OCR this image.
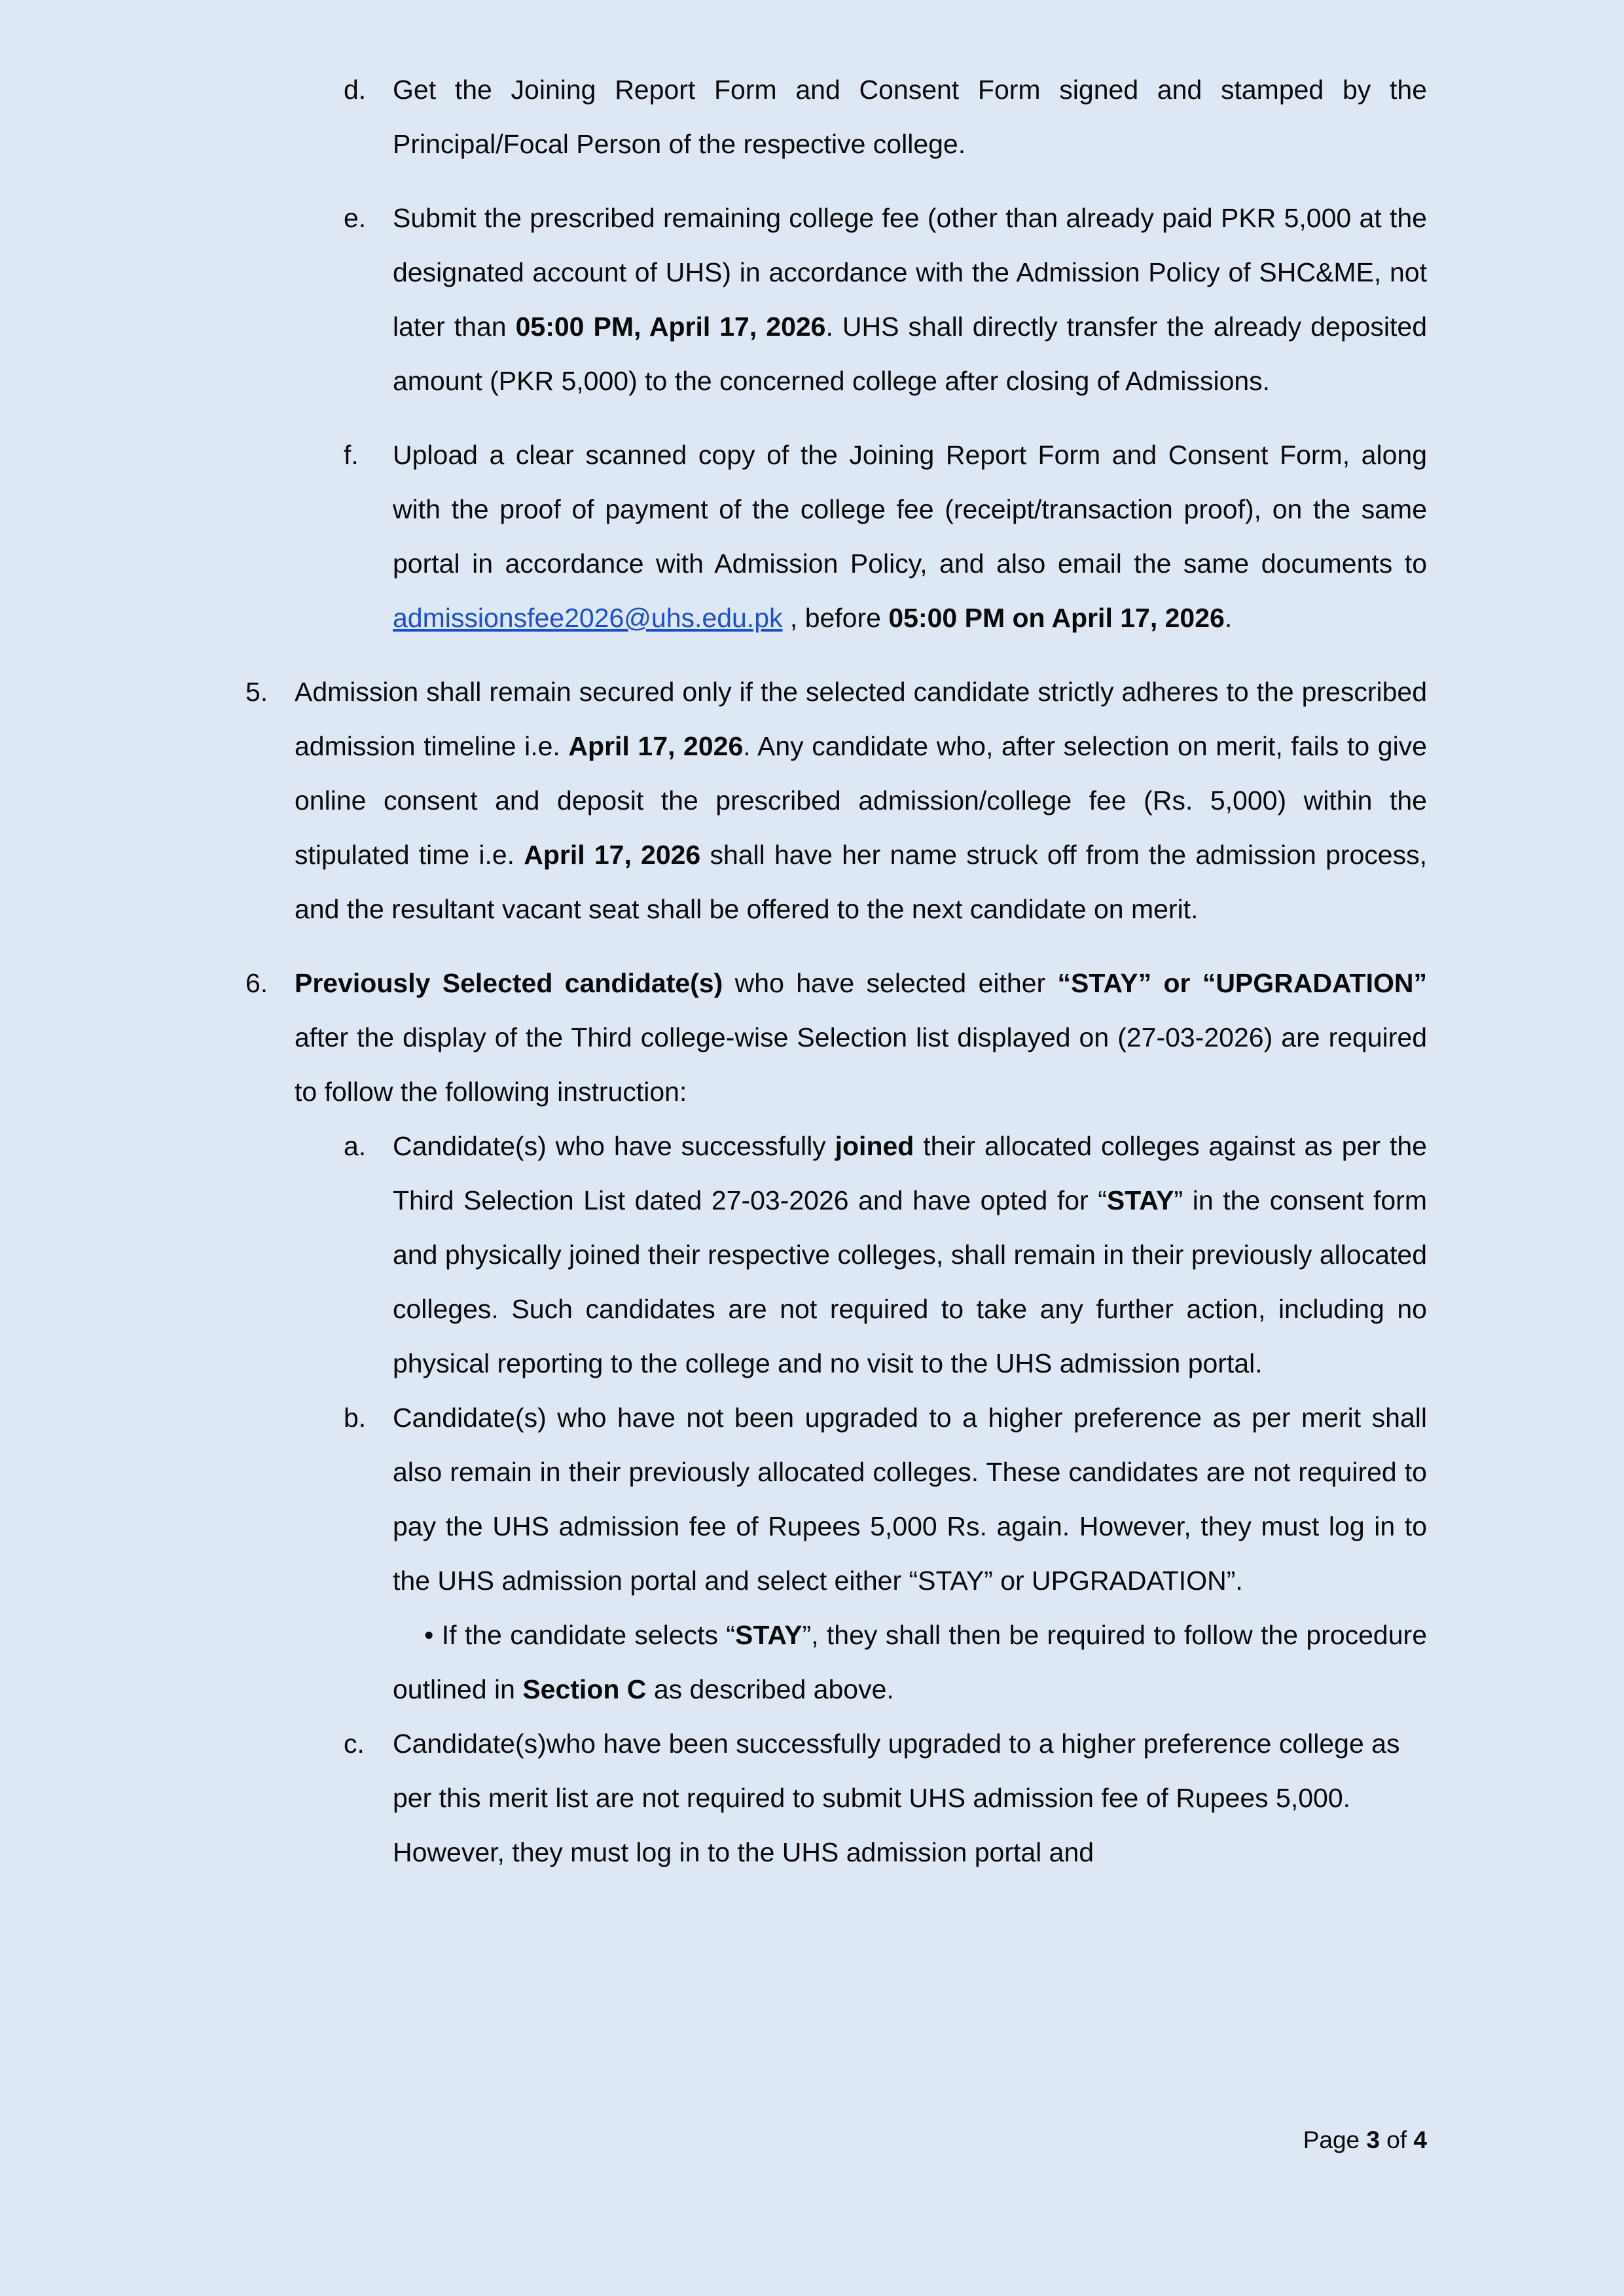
d. Get the Joining Report Form and Consent Form signed and stamped by the Principal/Focal Person of the respective college.
e. Submit the prescribed remaining college fee (other than already paid PKR 5,000 at the designated account of UHS) in accordance with the Admission Policy of SHC&ME, not later than 05:00 PM, April 17, 2026. UHS shall directly transfer the already deposited amount (PKR 5,000) to the concerned college after closing of Admissions.
f.	Upload a clear scanned copy of the Joining Report Form and Consent Form, along with the proof of payment of the college fee (receipt/transaction proof), on the same portal in accordance with Admission Policy, and also email the same documents to admissionsfee2026@uhs.edu.pk , before 05:00 PM on April 17, 2026.
5. Admission shall remain secured only if the selected candidate strictly adheres to the prescribed admission timeline i.e. April 17, 2026. Any candidate who, after selection on merit, fails to give online consent and deposit the prescribed admission/college fee (Rs. 5,000) within the stipulated time i.e. April 17, 2026 shall have her name struck off from the admission process, and the resultant vacant seat shall be offered to the next candidate on merit.
6. Previously Selected candidate(s) who have selected either “STAY” or “UPGRADATION” after the display of the Third college-wise Selection list displayed on (27-03-2026) are required to follow the following instruction:
a. Candidate(s) who have successfully joined their allocated colleges against as per the Third Selection List dated 27-03-2026 and have opted for “STAY” in the consent form and physically joined their respective colleges, shall remain in their previously allocated colleges. Such candidates are not required to take any further action, including no physical reporting to the college and no visit to the UHS admission portal.
b. Candidate(s) who have not been upgraded to a higher preference as per merit shall also remain in their previously allocated colleges. These candidates are not required to pay the UHS admission fee of Rupees 5,000 Rs. again. However, they must log in to the UHS admission portal and select either “STAY” or UPGRADATION”.
• If the candidate selects “STAY”, they shall then be required to follow the procedure outlined in Section C as described above.
c.	Candidate(s)who have been successfully upgraded to a higher preference college as per this merit list are not required to submit UHS admission fee of Rupees 5,000. However, they must log in to the UHS admission portal and
Page 3 of 4
